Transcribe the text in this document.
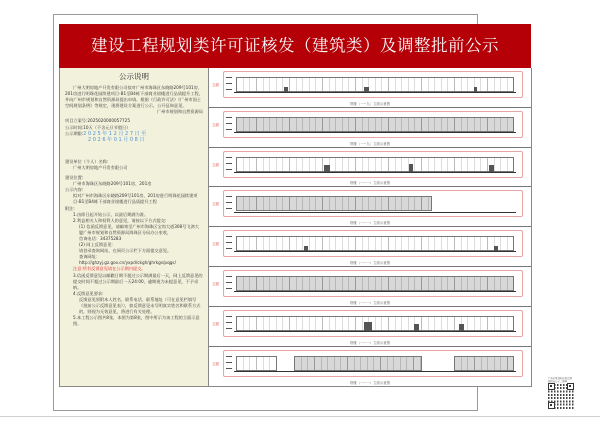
建设工程规划类许可证核发（建筑类）及调整批前公示
公示说明

广州大明房地产开发有限公司拟对广州市海珠区东晓路209号101房、201房进行明珠花园续建项目-B1至B4栋下部商业裙楼进行品质提升工程，并向广州市规划和自然资源局提出申请。根据《行政许可法》《广州市国土空间规划条例》等规定，现将建设方案进行公示，公开征询意见。

广州市规划和自然资源局

项目立案号:2025020000057725

公示时间:10天（不含元旦节假日）

公示期限:2025年12月27日至

2026年01月08日

建设单位（个人）名称:

广州大明房地产开发有限公司

建设位置:

广州市海珠区东晓路209号101房、201房

公示内容:

拟对广州市海珠区东晓路209号101房、201房进行明珠花园续建项目-B1至B4栋下部商业裙楼进行品质提升工程

附注:

1.由即日起开始公示，以最后期满为准。

2.利益相关人和权利人的意见，请按以下方式提交:

(1) 信函反馈意见，请邮寄至广州市海珠区宝岗大道308号飞鸿大厦广州市规划和自然资源局海珠区分局办公室收，

咨询电话：34375283

(2) 网上反馈意见:

请登录查询网站，在网页公示栏下方面提交意见。

查询网址：

http://ghzyj.gz.gov.cn/yxpd/ckgh/ghrkgs/pqgs/

注意:所有反馈意见请在公示期内提交。

3.信函反馈意见以邮戳日期不超过公示期满最后一天，网上反馈意见的提交时间不超过公示期最后一天24:00，逾期视为未提意见，不予采纳。

4.反馈意见要求:

反馈意见须附本人姓名、联系电话、联系地址（可在意见栏填写《批前公示反馈意见表》），如反馈意见未写明真实姓名和联系方式的，则视为无效意见，将进行有关处理。

5.本工程公示图共8张，本图为第8张，图中所示为该工程的立面示意图。

立面
塔楼（一~九）立面示意图
立面
塔楼（一~九）立面示意图
立面
塔楼（一~一）立面示意图
立面
塔楼（一~一）立面示意图
立面
塔楼（一~一）立面示意图
立面
塔楼（一~一）立面示意图
立面
塔楼（一~一）立面示意图
立面
塔楼（一~一）立面示意图
广州市规划和自然资源局批前公示二维码
